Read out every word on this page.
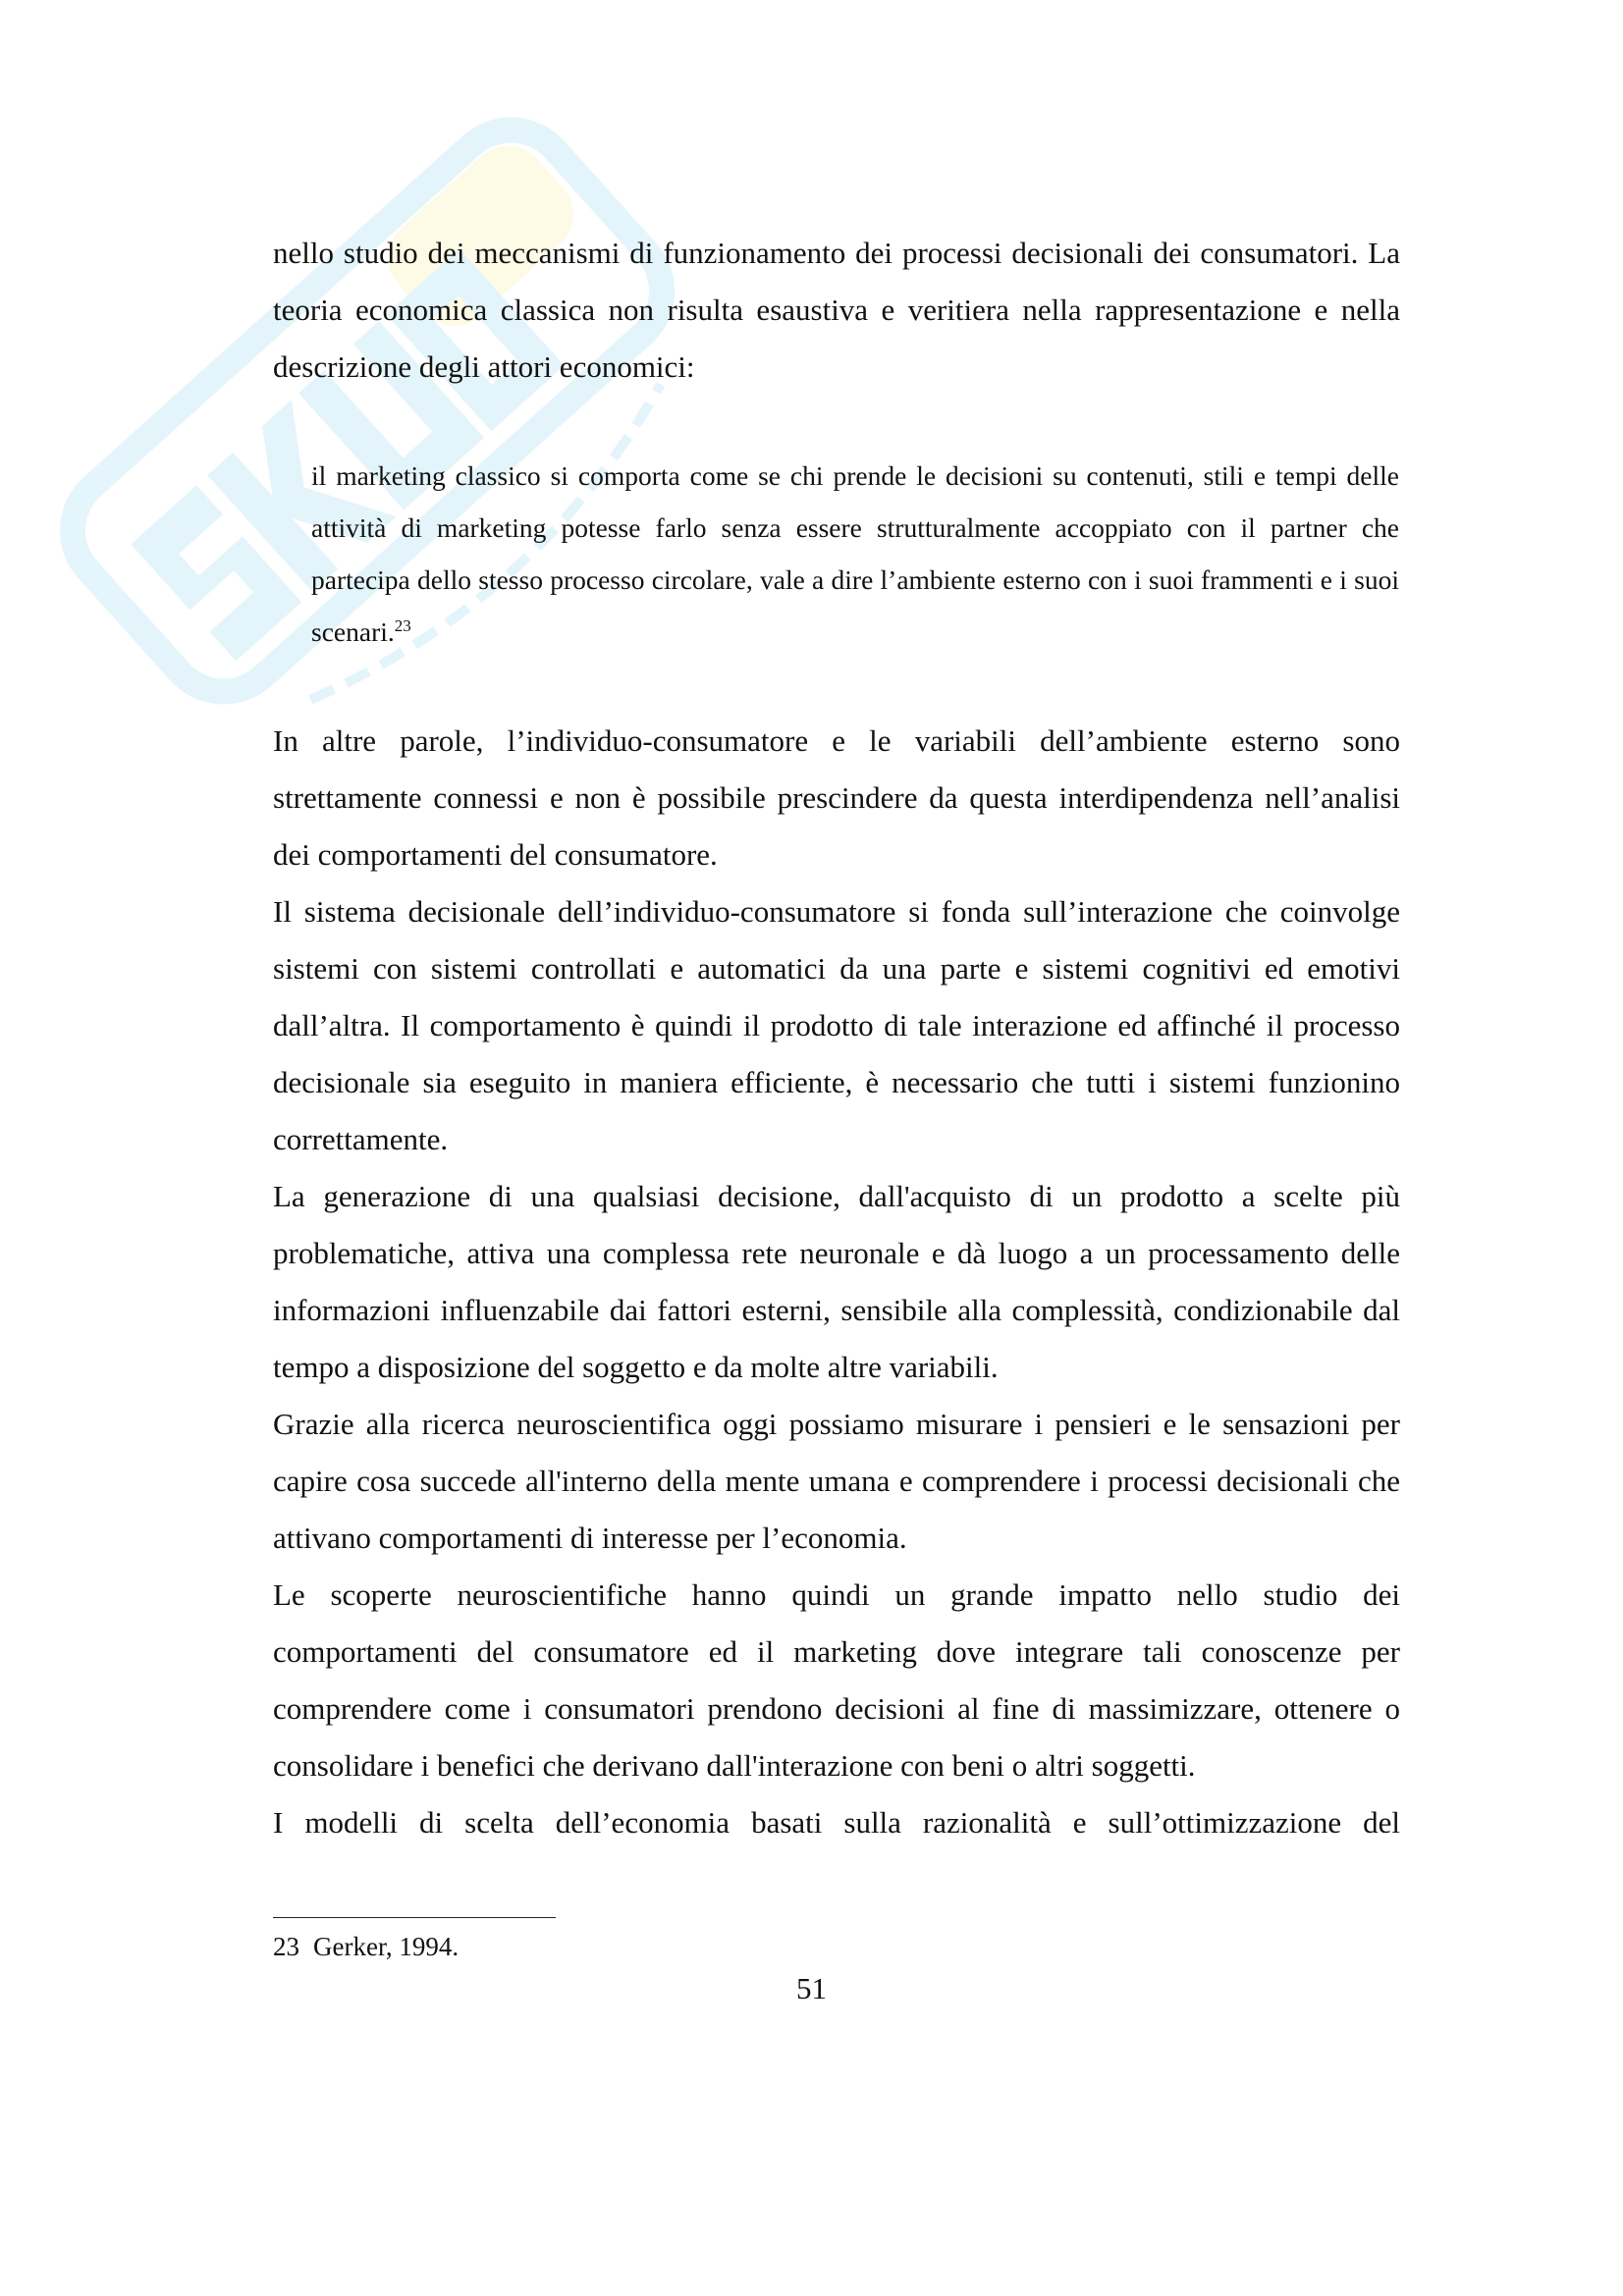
nello studio dei meccanismi di funzionamento dei processi decisionali dei consumatori. La teoria economica classica non risulta esaustiva e veritiera nella rappresentazione e nella descrizione degli attori economici:

il marketing classico si comporta come se chi prende le decisioni su contenuti, stili e tempi delle attività di marketing potesse farlo senza essere strutturalmente accoppiato con il partner che partecipa dello stesso processo circolare, vale a dire l’ambiente esterno con i suoi frammenti e i suoi scenari.$^{23}$

In altre parole, l’individuo-consumatore e le variabili dell’ambiente esterno sono strettamente connessi e non è possibile prescindere da questa interdipendenza nell’analisi dei comportamenti del consumatore.

Il sistema decisionale dell’individuo-consumatore si fonda sull’interazione che coinvolge sistemi con sistemi controllati e automatici da una parte e sistemi cognitivi ed emotivi dall’altra. Il comportamento è quindi il prodotto di tale interazione ed affinché il processo decisionale sia eseguito in maniera efficiente, è necessario che tutti i sistemi funzionino correttamente.

La generazione di una qualsiasi decisione, dall'acquisto di un prodotto a scelte più problematiche, attiva una complessa rete neuronale e dà luogo a un processamento delle informazioni influenzabile dai fattori esterni, sensibile alla complessità, condizionabile dal tempo a disposizione del soggetto e da molte altre variabili.

Grazie alla ricerca neuroscientifica oggi possiamo misurare i pensieri e le sensazioni per capire cosa succede all'interno della mente umana e comprendere i processi decisionali che attivano comportamenti di interesse per l’economia.

Le scoperte neuroscientifiche hanno quindi un grande impatto nello studio dei comportamenti del consumatore ed il marketing dove integrare tali conoscenze per comprendere come i consumatori prendono decisioni al fine di massimizzare, ottenere o consolidare i benefici che derivano dall'interazione con beni o altri soggetti.

I modelli di scelta dell’economia basati sulla razionalità e sull’ottimizzazione del

23 Gerker, 1994.
51
